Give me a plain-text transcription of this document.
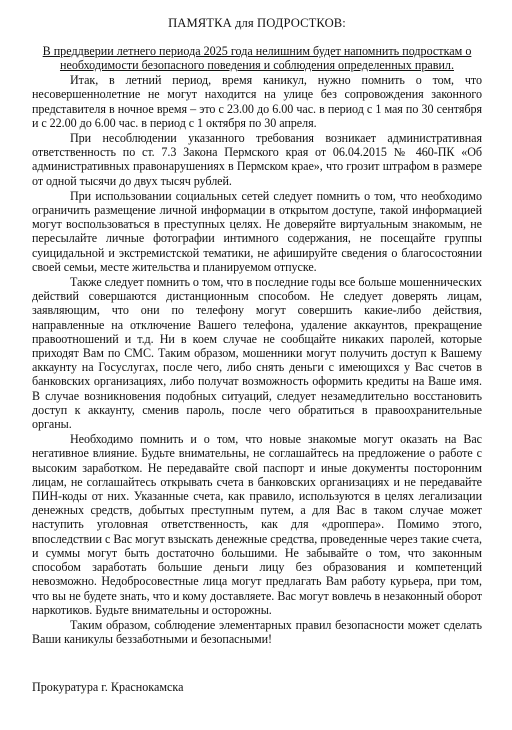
ПАМЯТКА для ПОДРОСТКОВ:
В преддверии летнего периода 2025 года нелишним будет напомнить подросткам о необходимости безопасного поведения и соблюдения определенных правил.

Итак, в летний период, время каникул, нужно помнить о том, что несовершеннолетние не могут находится на улице без сопровождения законного представителя в ночное время – это с 23.00 до 6.00 час. в период с 1 мая по 30 сентября и с 22.00 до 6.00 час. в период с 1 октября по 30 апреля.

При несоблюдении указанного требования возникает административная ответственность по ст. 7.3 Закона Пермского края от 06.04.2015 № 460-ПК «Об административных правонарушениях в Пермском крае», что грозит штрафом в размере от одной тысячи до двух тысяч рублей.

При использовании социальных сетей следует помнить о том, что необходимо ограничить размещение личной информации в открытом доступе, такой информацией могут воспользоваться в преступных целях. Не доверяйте виртуальным знакомым, не пересылайте личные фотографии интимного содержания, не посещайте группы суицидальной и экстремистской тематики, не афишируйте сведения о благосостоянии своей семьи, месте жительства и планируемом отпуске.

Также следует помнить о том, что в последние годы все больше мошеннических действий совершаются дистанционным способом. Не следует доверять лицам, заявляющим, что они по телефону могут совершить какие-либо действия, направленные на отключение Вашего телефона, удаление аккаунтов, прекращение правоотношений и т.д. Ни в коем случае не сообщайте никаких паролей, которые приходят Вам по СМС. Таким образом, мошенники могут получить доступ к Вашему аккаунту на Госуслугах, после чего, либо снять деньги с имеющихся у Вас счетов в банковских организациях, либо получат возможность оформить кредиты на Ваше имя. В случае возникновения подобных ситуаций, следует незамедлительно восстановить доступ к аккаунту, сменив пароль, после чего обратиться в правоохранительные органы.

Необходимо помнить и о том, что новые знакомые могут оказать на Вас негативное влияние. Будьте внимательны, не соглашайтесь на предложение о работе с высоким заработком. Не передавайте свой паспорт и иные документы посторонним лицам, не соглашайтесь открывать счета в банковских организациях и не передавайте ПИН-коды от них. Указанные счета, как правило, используются в целях легализации денежных средств, добытых преступным путем, а для Вас в таком случае может наступить уголовная ответственность, как для «дроппера». Помимо этого, впоследствии с Вас могут взыскать денежные средства, проведенные через такие счета, и суммы могут быть достаточно большими. Не забывайте о том, что законным способом заработать большие деньги лицу без образования и компетенций невозможно. Недобросовестные лица могут предлагать Вам работу курьера, при том, что вы не будете знать, что и кому доставляете. Вас могут вовлечь в незаконный оборот наркотиков. Будьте внимательны и осторожны.

Таким образом, соблюдение элементарных правил безопасности может сделать Ваши каникулы беззаботными и безопасными!

Прокуратура г. Краснокамска
